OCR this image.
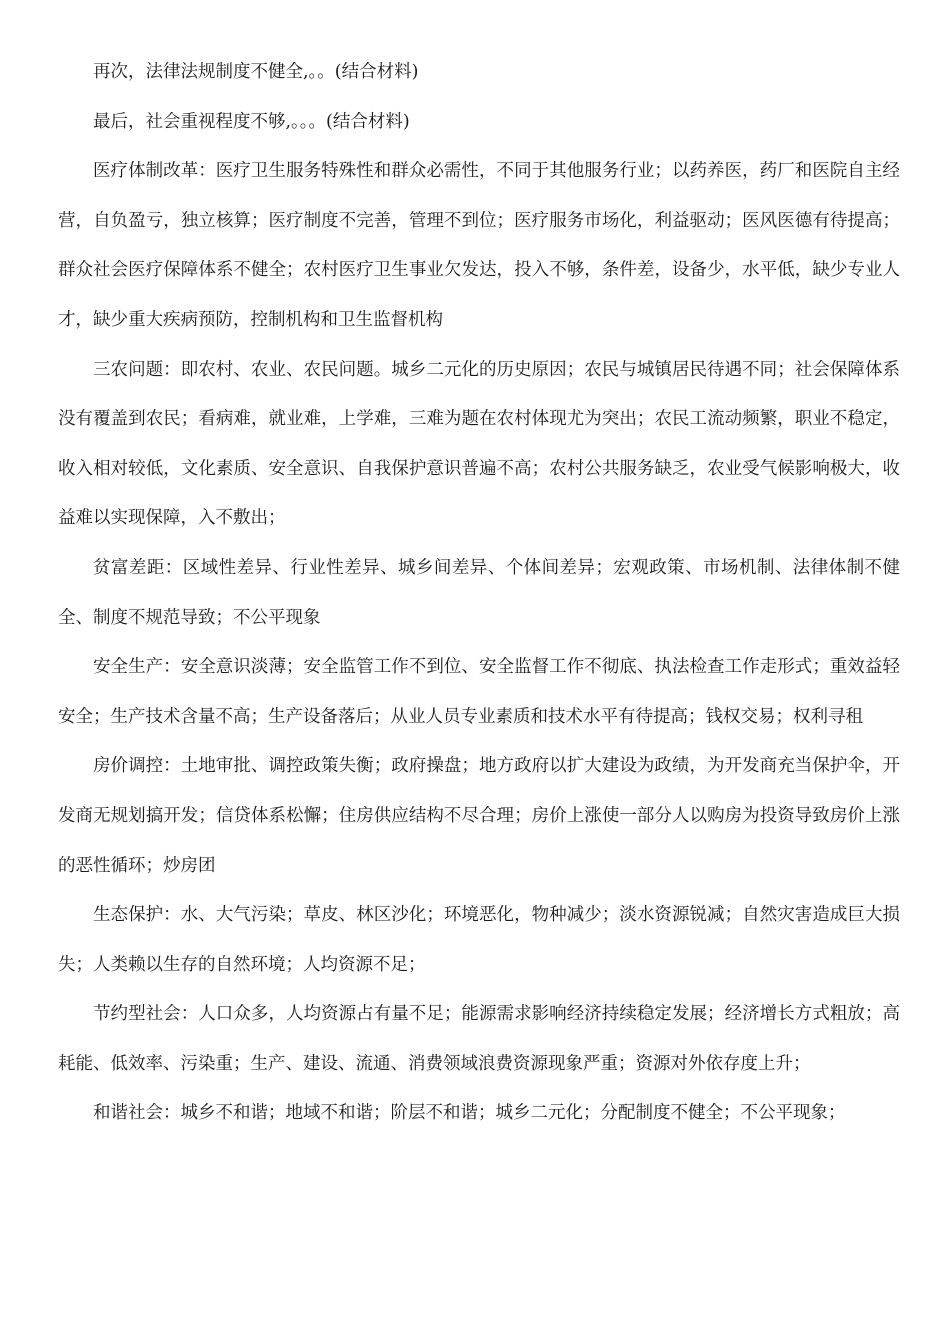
再次，法律法规制度不健全,。。(结合材料)

最后，社会重视程度不够,。。。(结合材料)

医疗体制改革：医疗卫生服务特殊性和群众必需性，不同于其他服务行业；以药养医，药厂和医院自主经营，自负盈亏，独立核算；医疗制度不完善，管理不到位；医疗服务市场化，利益驱动；医风医德有待提高；群众社会医疗保障体系不健全；农村医疗卫生事业欠发达，投入不够，条件差，设备少，水平低，缺少专业人才，缺少重大疾病预防，控制机构和卫生监督机构

三农问题：即农村、农业、农民问题。城乡二元化的历史原因；农民与城镇居民待遇不同；社会保障体系没有覆盖到农民；看病难，就业难，上学难，三难为题在农村体现尤为突出；农民工流动频繁，职业不稳定，收入相对较低，文化素质、安全意识、自我保护意识普遍不高；农村公共服务缺乏，农业受气候影响极大，收益难以实现保障，入不敷出；

贫富差距：区域性差异、行业性差异、城乡间差异、个体间差异；宏观政策、市场机制、法律体制不健全、制度不规范导致；不公平现象

安全生产：安全意识淡薄；安全监管工作不到位、安全监督工作不彻底、执法检查工作走形式；重效益轻安全；生产技术含量不高；生产设备落后；从业人员专业素质和技术水平有待提高；钱权交易；权利寻租

房价调控：土地审批、调控政策失衡；政府操盘；地方政府以扩大建设为政绩，为开发商充当保护伞，开发商无规划搞开发；信贷体系松懈；住房供应结构不尽合理；房价上涨使一部分人以购房为投资导致房价上涨的恶性循环；炒房团

生态保护：水、大气污染；草皮、林区沙化；环境恶化，物种减少；淡水资源锐减；自然灾害造成巨大损失；人类赖以生存的自然环境；人均资源不足；

节约型社会：人口众多，人均资源占有量不足；能源需求影响经济持续稳定发展；经济增长方式粗放；高耗能、低效率、污染重；生产、建设、流通、消费领域浪费资源现象严重；资源对外依存度上升；

和谐社会：城乡不和谐；地域不和谐；阶层不和谐；城乡二元化；分配制度不健全；不公平现象；
